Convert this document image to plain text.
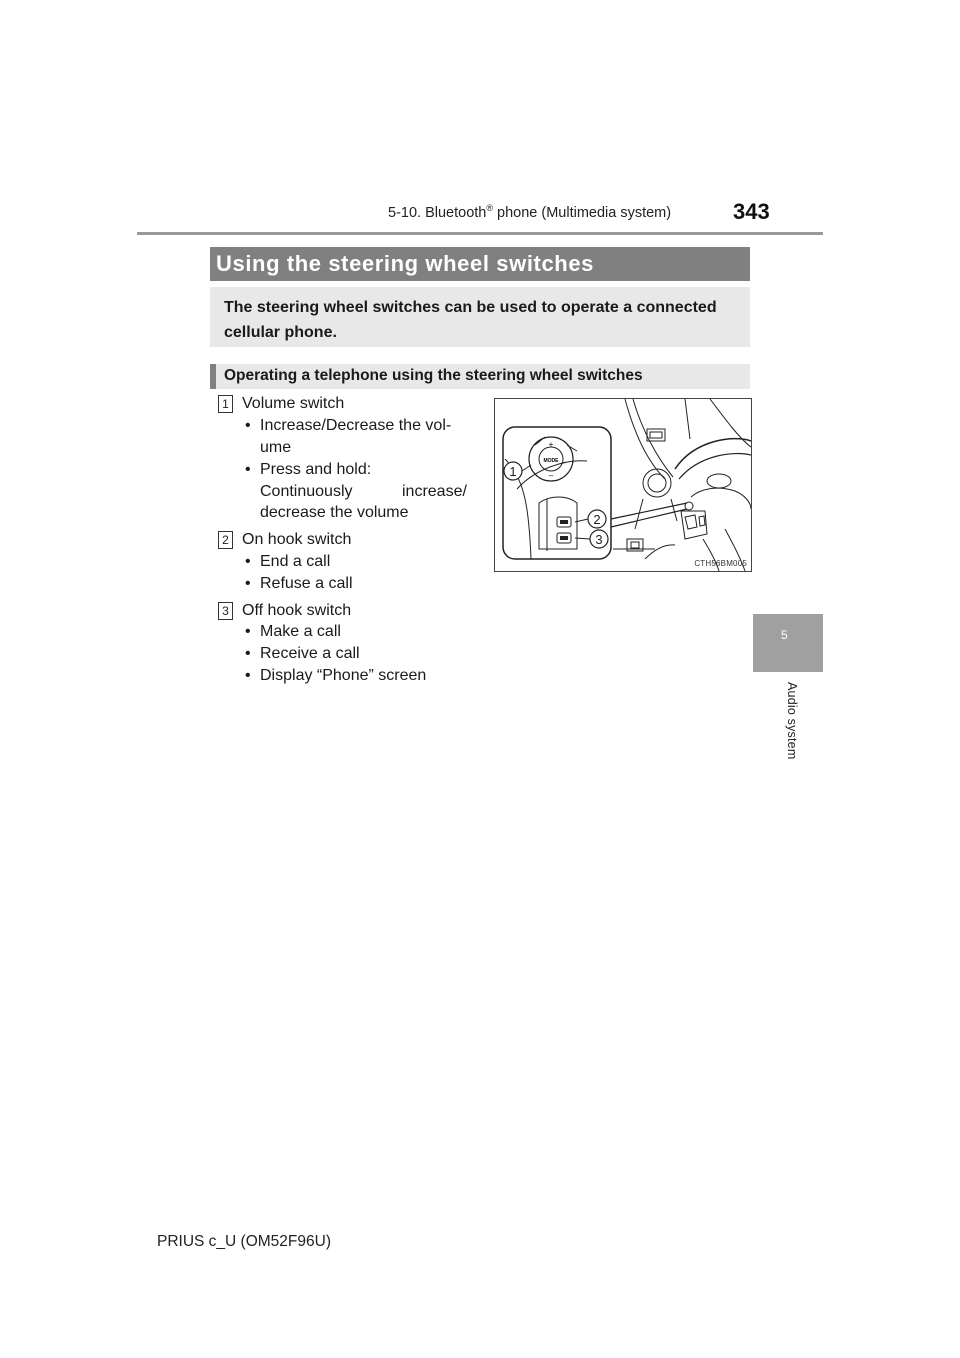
5-10. Bluetooth® phone (Multimedia system)	343
5
Audio system
Using the steering wheel switches
The steering wheel switches can be used to operate a connected cellular phone.
Operating a telephone using the steering wheel switches
1 Volume switch
• Increase/Decrease the vol-
ume
• Press and hold:
Continuously	increase/
decrease the volume
2 On hook switch
• End a call
• Refuse a call
3 Off hook switch
• Make a call
• Receive a call
• Display “Phone” screen
MODE
+
–
1
2
3
CTH56BM005
PRIUS c_U (OM52F96U)
